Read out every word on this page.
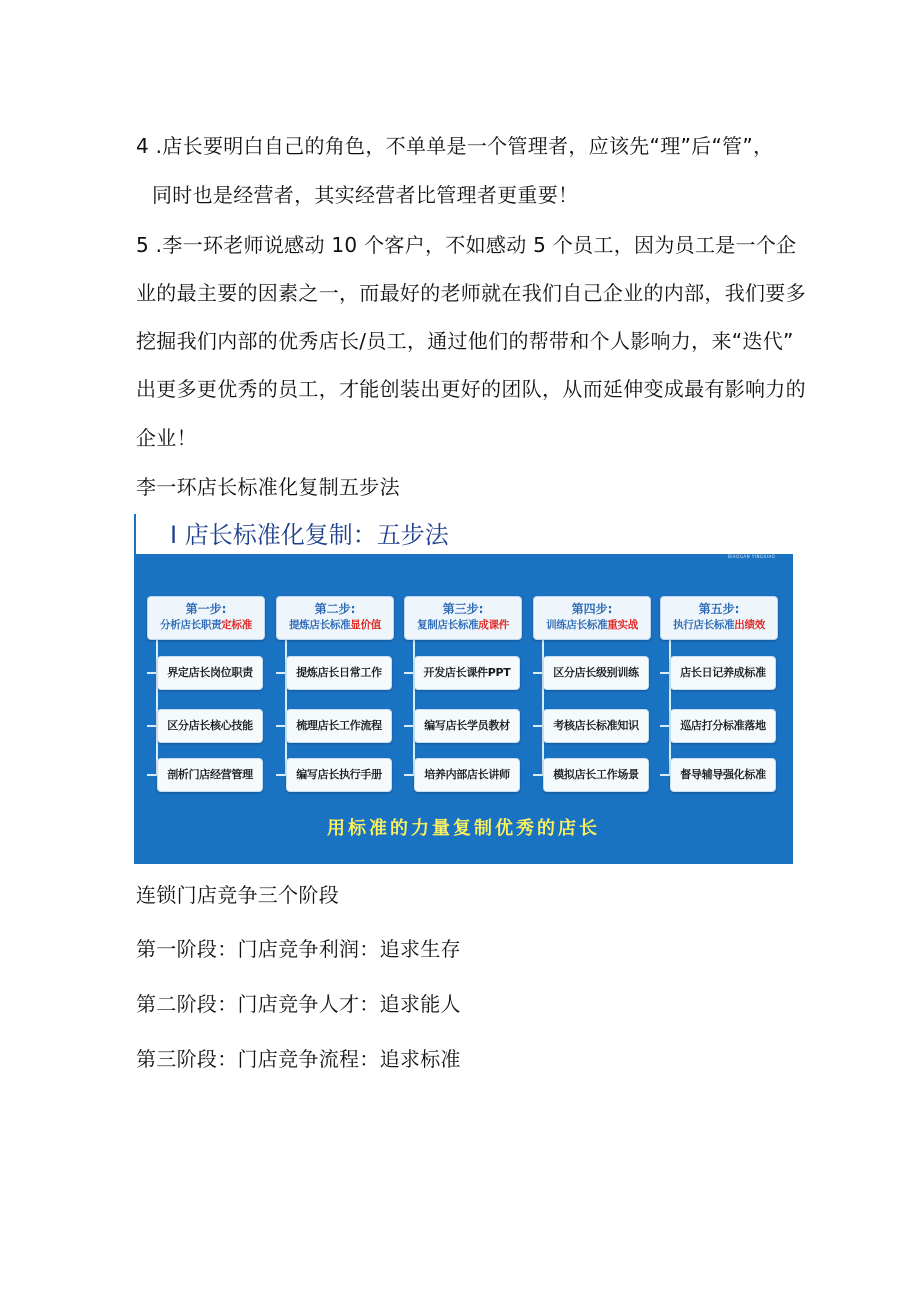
4 .店长要明白自己的角色，不单单是一个管理者，应该先“理”后“管”，
同时也是经营者，其实经营者比管理者更重要！
5 .李一环老师说感动 10 个客户，不如感动 5 个员工，因为员工是一个企
业的最主要的因素之一，而最好的老师就在我们自己企业的内部，我们要多
挖掘我们内部的优秀店长/员工，通过他们的帮带和个人影响力，来“迭代”
出更多更优秀的员工，才能创装出更好的团队，从而延伸变成最有影响力的
企业！
李一环店长标准化复制五步法
I 店长标准化复制：五步法
BIAOGAN YINGXIAO
第一步:
分析店长职责定标准
界定店长岗位职责
区分店长核心技能
剖析门店经营管理
第二步:
提炼店长标准显价值
提炼店长日常工作
梳理店长工作流程
编写店长执行手册
第三步:
复制店长标准成课件
开发店长课件PPT
编写店长学员教材
培养内部店长讲师
第四步:
训练店长标准重实战
区分店长级别训练
考核店长标准知识
模拟店长工作场景
第五步:
执行店长标准出绩效
店长日记养成标准
巡店打分标准落地
督导辅导强化标准
用标准的力量复制优秀的店长
连锁门店竞争三个阶段
第一阶段：门店竞争利润：追求生存
第二阶段：门店竞争人才：追求能人
第三阶段：门店竞争流程：追求标准
